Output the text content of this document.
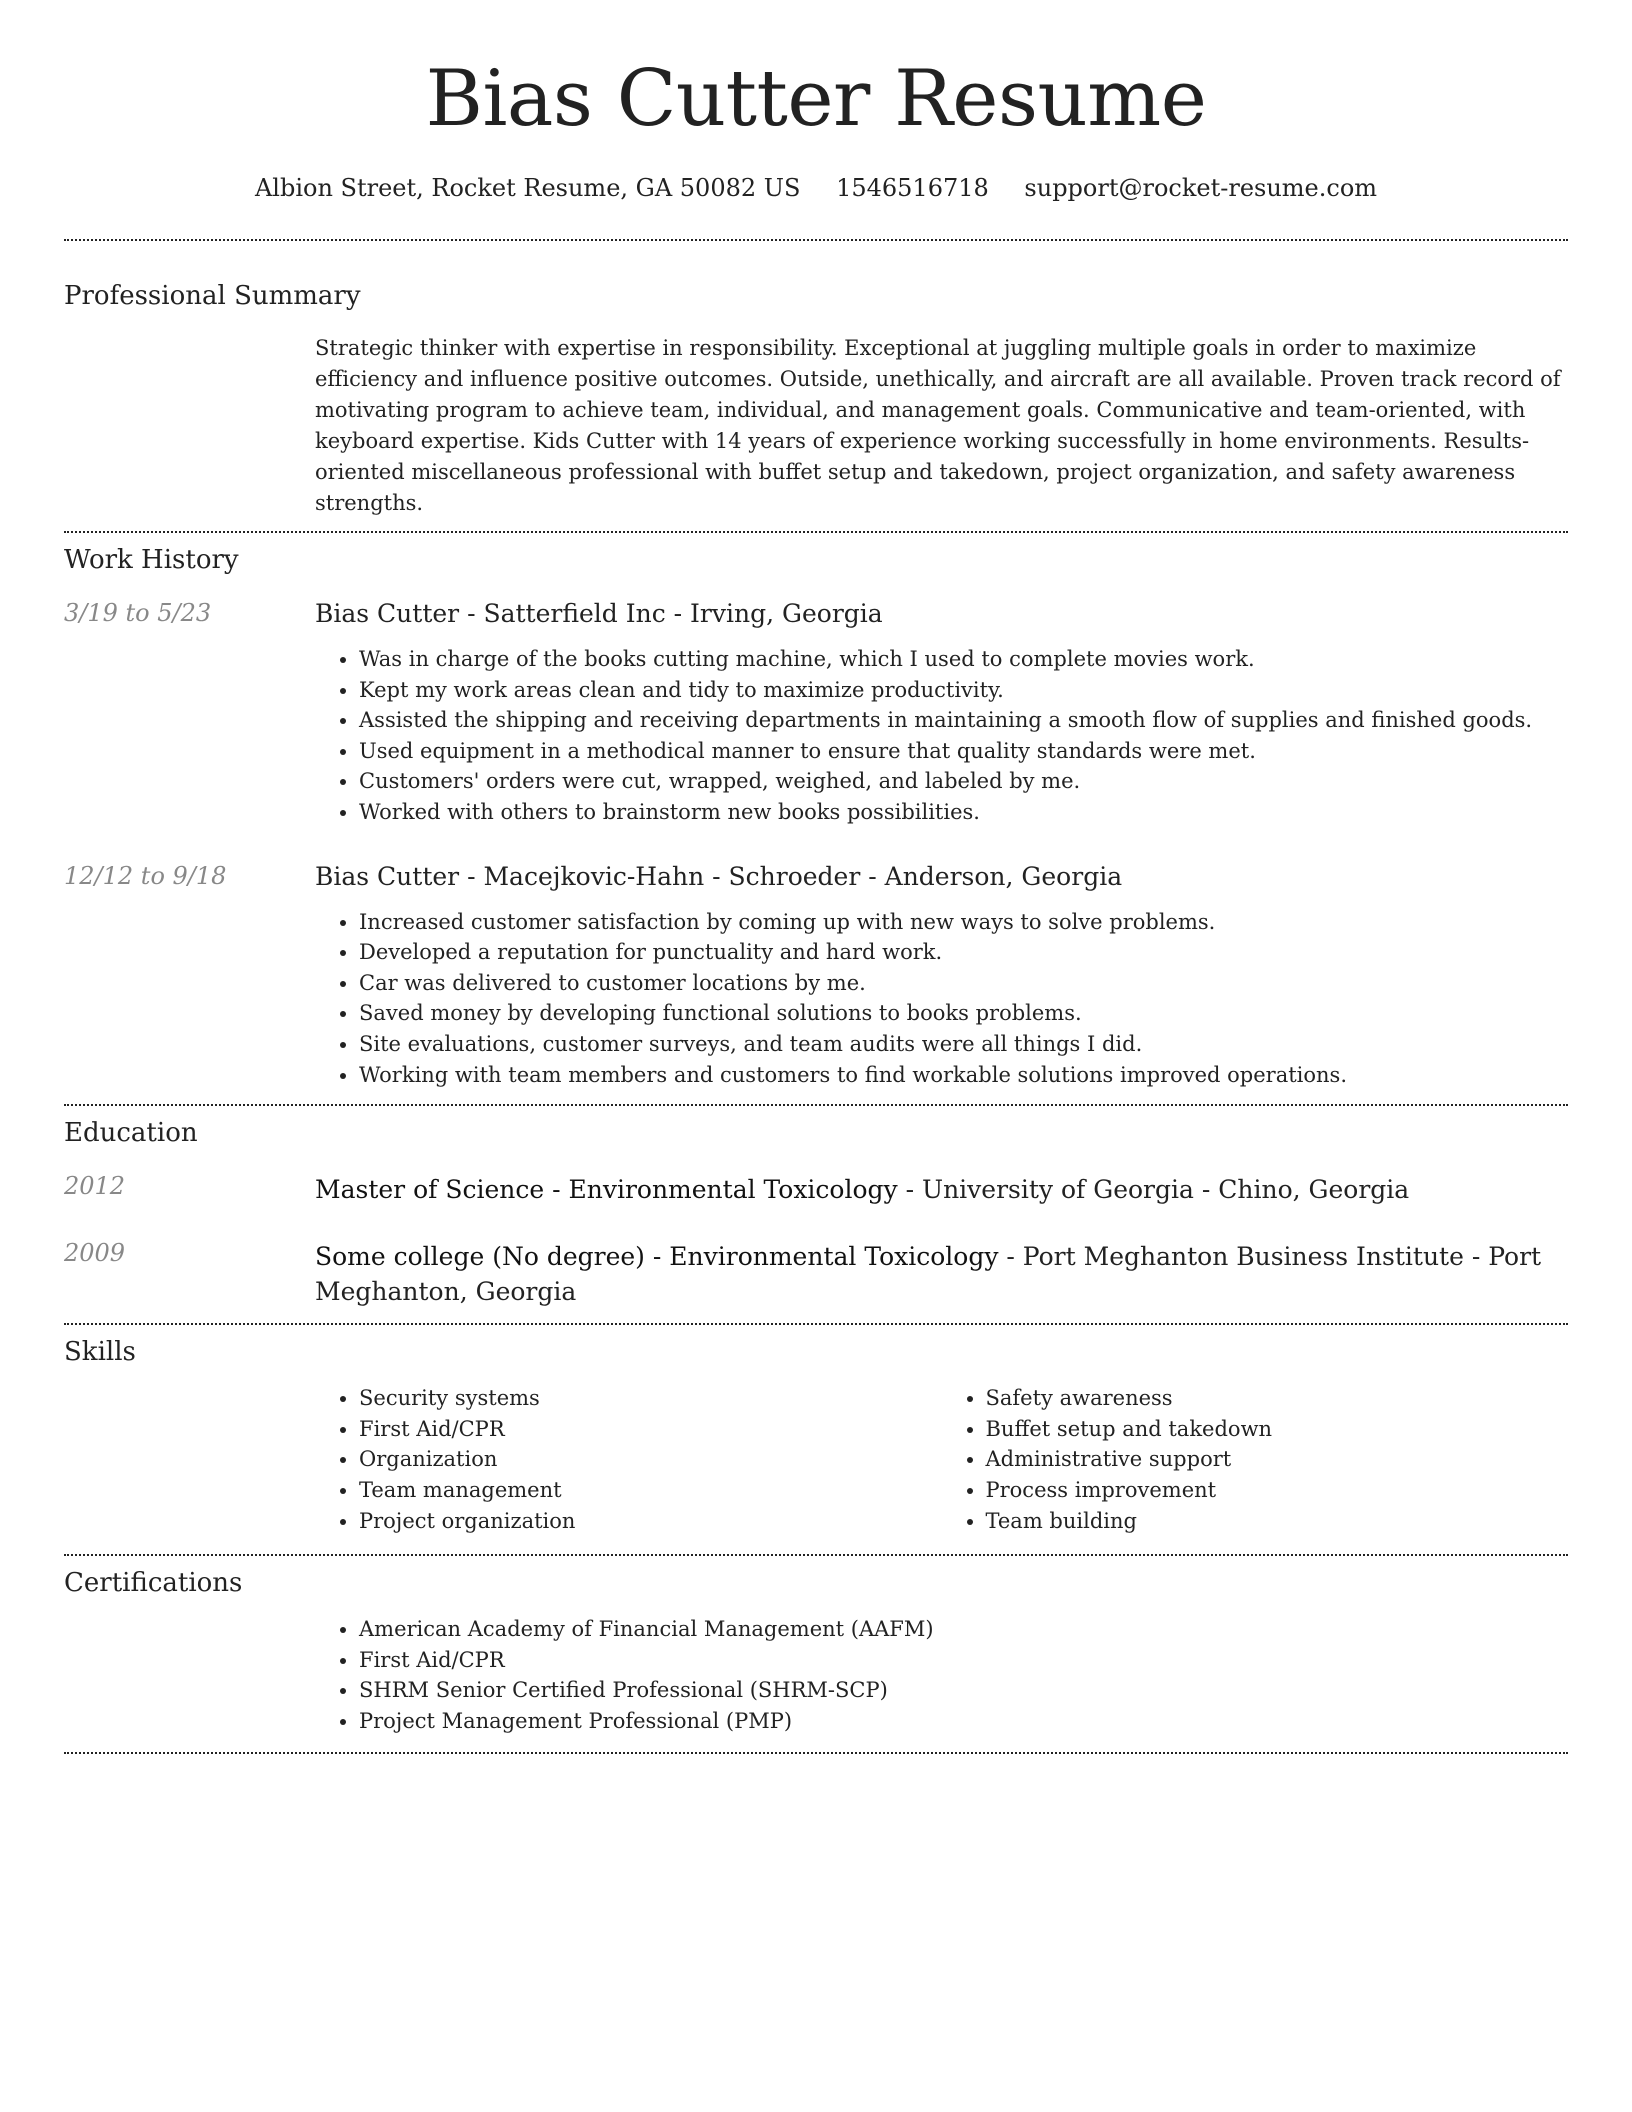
Bias Cutter Resume
Albion Street, Rocket Resume, GA 50082 US 1546516718 support@rocket-resume.com
Professional Summary
Strategic thinker with expertise in responsibility. Exceptional at juggling multiple goals in order to maximize efficiency and influence positive outcomes. Outside, unethically, and aircraft are all available. Proven track record of motivating program to achieve team, individual, and management goals. Communicative and team-oriented, with keyboard expertise. Kids Cutter with 14 years of experience working successfully in home environments. Results-oriented miscellaneous professional with buffet setup and takedown, project organization, and safety awareness strengths.
Work History
3/19 to 5/23	Bias Cutter - Satterfield Inc - Irving, Georgia
• Was in charge of the books cutting machine, which I used to complete movies work.
• Kept my work areas clean and tidy to maximize productivity.
• Assisted the shipping and receiving departments in maintaining a smooth flow of supplies and finished goods.
• Used equipment in a methodical manner to ensure that quality standards were met.
• Customers' orders were cut, wrapped, weighed, and labeled by me.
• Worked with others to brainstorm new books possibilities.
12/12 to 9/18	Bias Cutter - Macejkovic-Hahn - Schroeder - Anderson, Georgia
• Increased customer satisfaction by coming up with new ways to solve problems.
• Developed a reputation for punctuality and hard work.
• Car was delivered to customer locations by me.
• Saved money by developing functional solutions to books problems.
• Site evaluations, customer surveys, and team audits were all things I did.
• Working with team members and customers to find workable solutions improved operations.
Education
2012	Master of Science - Environmental Toxicology - University of Georgia - Chino, Georgia
2009	Some college (No degree) - Environmental Toxicology - Port Meghanton Business Institute - Port Meghanton, Georgia
Skills
• Security systems
• First Aid/CPR
• Organization
• Team management
• Project organization
• Safety awareness
• Buffet setup and takedown
• Administrative support
• Process improvement
• Team building
Certifications
• American Academy of Financial Management (AAFM)
• First Aid/CPR
• SHRM Senior Certified Professional (SHRM-SCP)
• Project Management Professional (PMP)
